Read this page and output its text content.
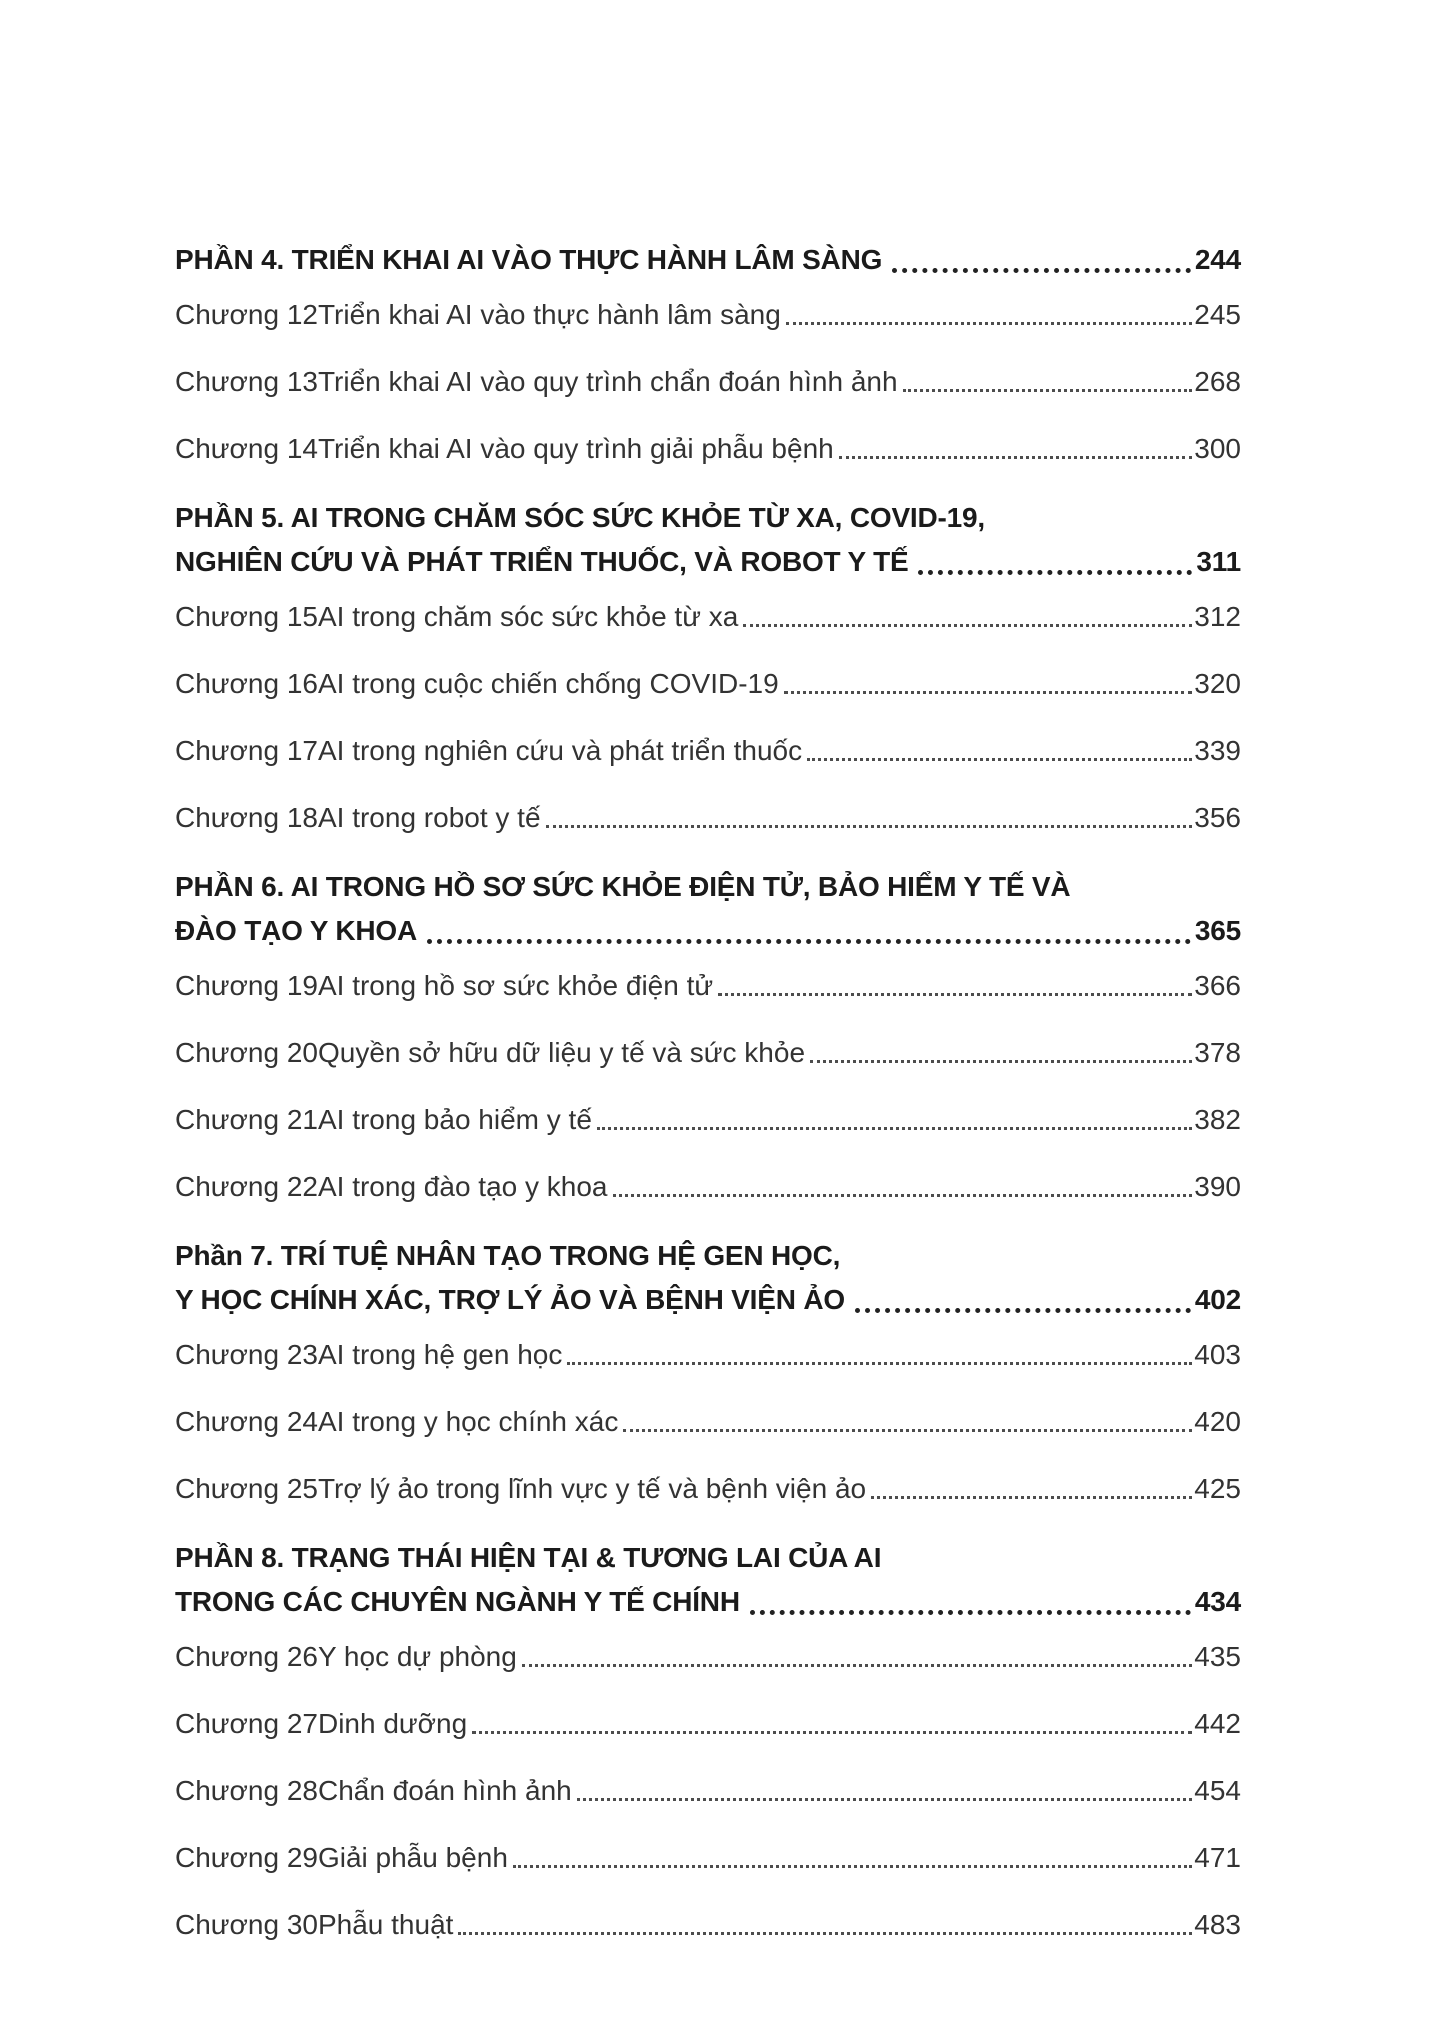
PHẦN 4. TRIỂN KHAI AI VÀO THỰC HÀNH LÂM SÀNG	244
Chương 12 Triển khai AI vào thực hành lâm sàng	245
Chương 13 Triển khai AI vào quy trình chẩn đoán hình ảnh	268
Chương 14 Triển khai AI vào quy trình giải phẫu bệnh	300
PHẦN 5. AI TRONG CHĂM SÓC SỨC KHỎE TỪ XA, COVID-19,
NGHIÊN CỨU VÀ PHÁT TRIỂN THUỐC, VÀ ROBOT Y TẾ	311
Chương 15 AI trong chăm sóc sức khỏe từ xa	312
Chương 16 AI trong cuộc chiến chống COVID-19	320
Chương 17 AI trong nghiên cứu và phát triển thuốc	339
Chương 18 AI trong robot y tế	356
PHẦN 6. AI TRONG HỒ SƠ SỨC KHỎE ĐIỆN TỬ, BẢO HIỂM Y TẾ VÀ
ĐÀO TẠO Y KHOA	365
Chương 19 AI trong hồ sơ sức khỏe điện tử	366
Chương 20 Quyền sở hữu dữ liệu y tế và sức khỏe	378
Chương 21 AI trong bảo hiểm y tế	382
Chương 22 AI trong đào tạo y khoa	390
Phần 7. TRÍ TUỆ NHÂN TẠO TRONG HỆ GEN HỌC,
Y HỌC CHÍNH XÁC, TRỢ LÝ ẢO VÀ BỆNH VIỆN ẢO	402
Chương 23 AI trong hệ gen học	403
Chương 24 AI trong y học chính xác	420
Chương 25 Trợ lý ảo trong lĩnh vực y tế và bệnh viện ảo	425
PHẦN 8. TRẠNG THÁI HIỆN TẠI & TƯƠNG LAI CỦA AI
TRONG CÁC CHUYÊN NGÀNH Y TẾ CHÍNH	434
Chương 26 Y học dự phòng	435
Chương 27 Dinh dưỡng	442
Chương 28 Chẩn đoán hình ảnh	454
Chương 29 Giải phẫu bệnh	471
Chương 30 Phẫu thuật	483
